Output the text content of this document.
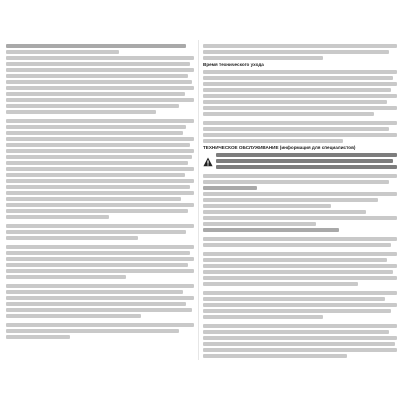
Время технического ухода
ТЕХНИЧЕСКОЕ ОБСЛУЖИВАНИЕ (информация для специалистов)
